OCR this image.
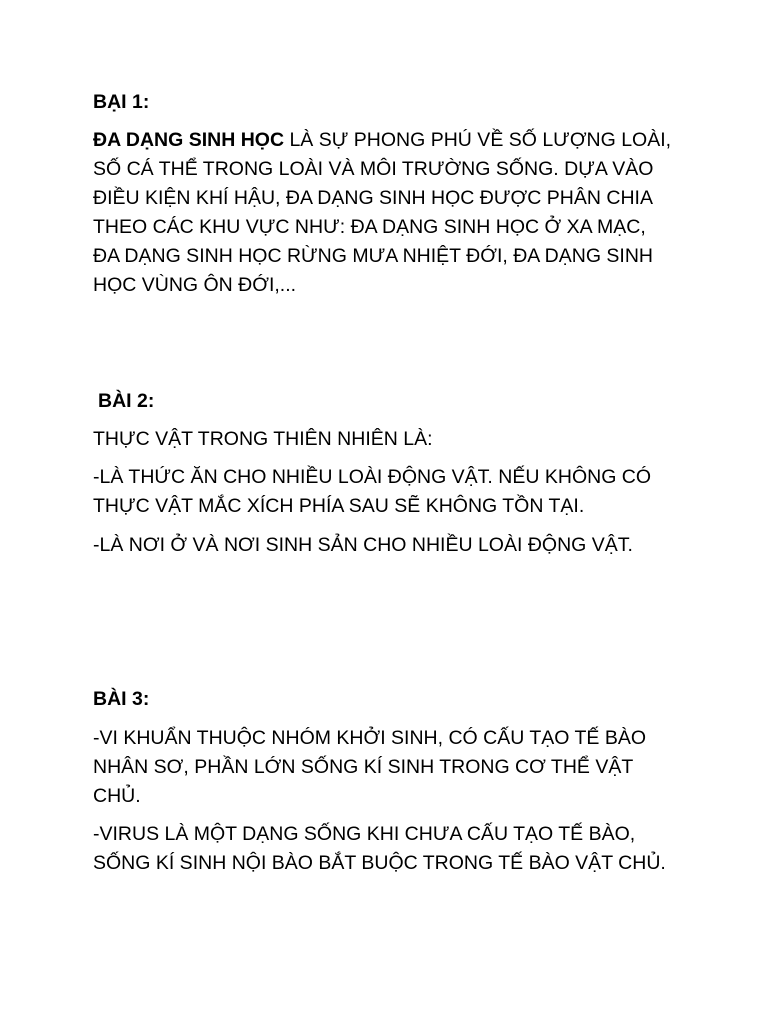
BẠI 1:
ĐA DẠNG SINH HỌC LÀ SỰ PHONG PHÚ VỀ SỐ LƯỢNG LOÀI,
SỐ CÁ THỂ TRONG LOÀI VÀ MÔI TRƯỜNG SỐNG. DỰA VÀO
ĐIỀU KIỆN KHÍ HẬU, ĐA DẠNG SINH HỌC ĐƯỢC PHÂN CHIA
THEO CÁC KHU VỰC NHƯ: ĐA DẠNG SINH HỌC Ở XA MẠC,
ĐA DẠNG SINH HỌC RỪNG MƯA NHIỆT ĐỚI, ĐA DẠNG SINH
HỌC VÙNG ÔN ĐỚI,...
BÀI 2:
THỰC VẬT TRONG THIÊN NHIÊN LÀ:
-LÀ THỨC ĂN CHO NHIỀU LOÀI ĐỘNG VẬT. NẾU KHÔNG CÓ
THỰC VẬT MẮC XÍCH PHÍA SAU SẼ KHÔNG TỒN TẠI.
-LÀ NƠI Ở VÀ NƠI SINH SẢN CHO NHIỀU LOÀI ĐỘNG VẬT.
BÀI 3:
-VI KHUẨN THUỘC NHÓM KHỞI SINH, CÓ CẤU TẠO TẾ BÀO
NHÂN SƠ, PHẦN LỚN SỐNG KÍ SINH TRONG CƠ THỂ VẬT
CHỦ.
-VIRUS LÀ MỘT DẠNG SỐNG KHI CHƯA CẤU TẠO TẾ BÀO,
SỐNG KÍ SINH NỘI BÀO BẮT BUỘC TRONG TẾ BÀO VẬT CHỦ.
